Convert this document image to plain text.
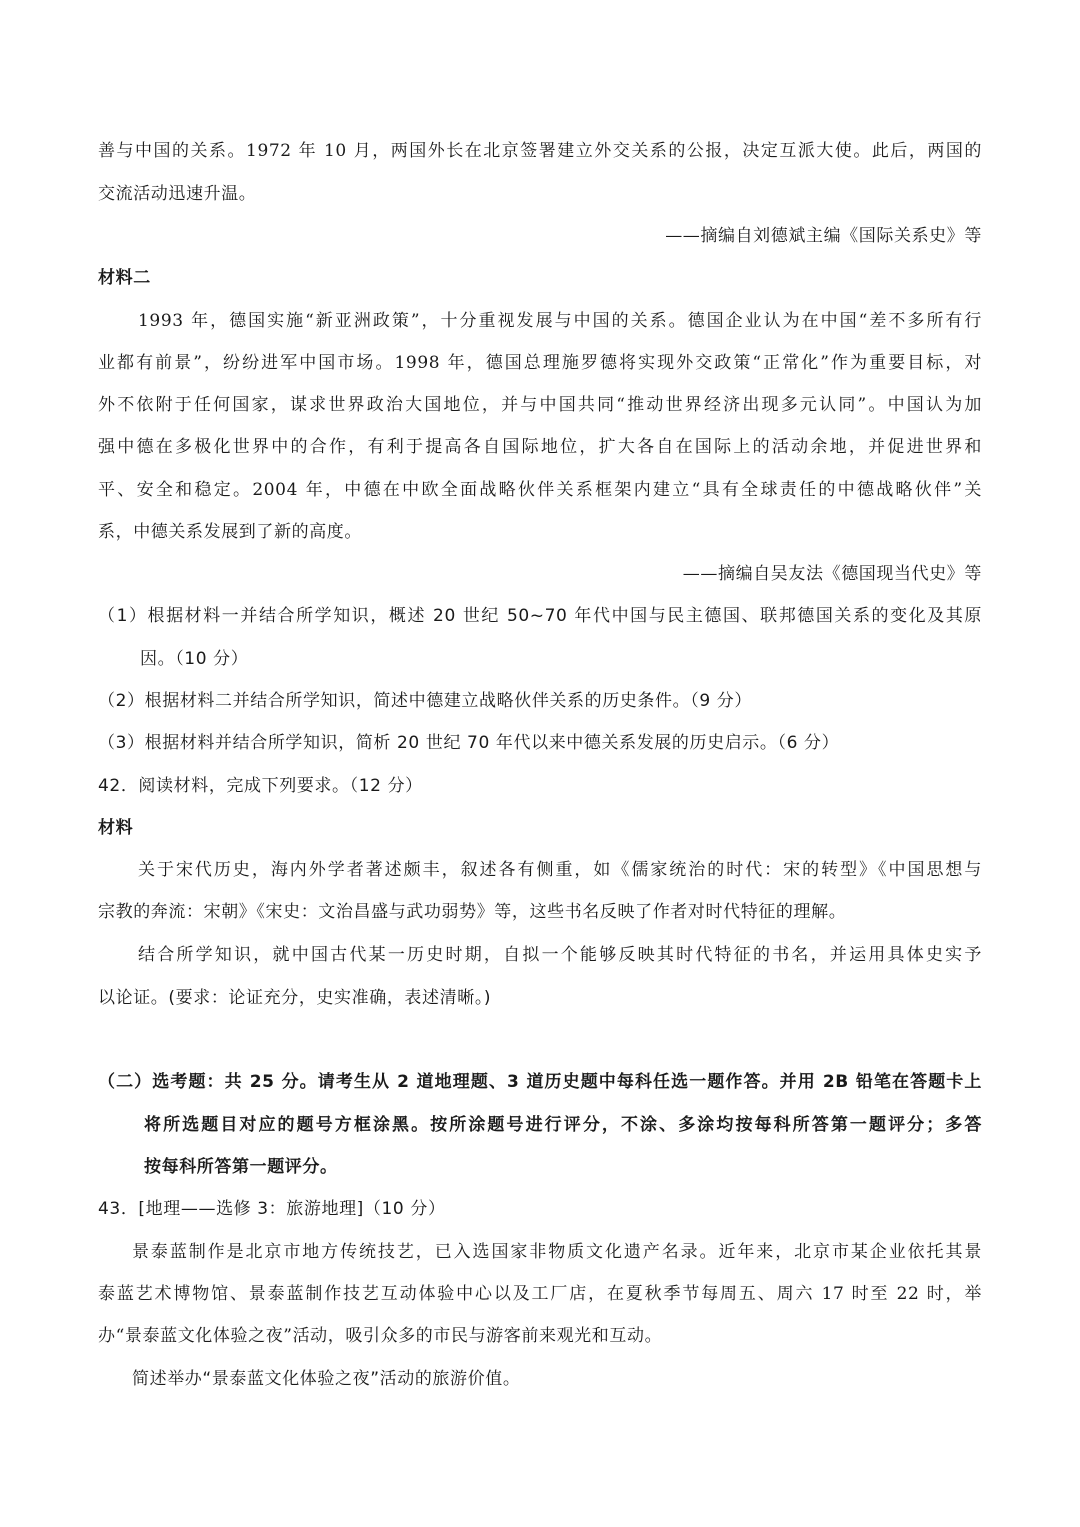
善与中国的关系。1972 年 10 月，两国外长在北京签署建立外交关系的公报，决定互派大使。此后，两国的
交流活动迅速升温。
——摘编自刘德斌主编《国际关系史》等
材料二
1993 年，德国实施“新亚洲政策”，十分重视发展与中国的关系。德国企业认为在中国“差不多所有行
业都有前景”，纷纷进军中国市场。1998 年，德国总理施罗德将实现外交政策“正常化”作为重要目标，对
外不依附于任何国家，谋求世界政治大国地位，并与中国共同“推动世界经济出现多元认同”。中国认为加
强中德在多极化世界中的合作，有利于提高各自国际地位，扩大各自在国际上的活动余地，并促进世界和
平、安全和稳定。2004 年，中德在中欧全面战略伙伴关系框架内建立“具有全球责任的中德战略伙伴”关
系，中德关系发展到了新的高度。
——摘编自吴友法《德国现当代史》等
（1）根据材料一并结合所学知识，概述 20 世纪 50~70 年代中国与民主德国、联邦德国关系的变化及其原
因。（10 分）
（2）根据材料二并结合所学知识，简述中德建立战略伙伴关系的历史条件。（9 分）
（3）根据材料并结合所学知识，简析 20 世纪 70 年代以来中德关系发展的历史启示。（6 分）
42．阅读材料，完成下列要求。（12 分）
材料
关于宋代历史，海内外学者著述颇丰，叙述各有侧重，如《儒家统治的时代：宋的转型》《中国思想与
宗教的奔流：宋朝》《宋史：文治昌盛与武功弱势》等，这些书名反映了作者对时代特征的理解。
结合所学知识，就中国古代某一历史时期，自拟一个能够反映其时代特征的书名，并运用具体史实予
以论证。(要求：论证充分，史实准确，表述清晰。)
（二）选考题：共 25 分。请考生从 2 道地理题、3 道历史题中每科任选一题作答。并用 2B 铅笔在答题卡上
将所选题目对应的题号方框涂黑。按所涂题号进行评分，不涂、多涂均按每科所答第一题评分；多答
按每科所答第一题评分。
43．[地理——选修 3：旅游地理]（10 分）
景泰蓝制作是北京市地方传统技艺，已入选国家非物质文化遗产名录。近年来，北京市某企业依托其景
泰蓝艺术博物馆、景泰蓝制作技艺互动体验中心以及工厂店，在夏秋季节每周五、周六 17 时至 22 时，举
办“景泰蓝文化体验之夜”活动，吸引众多的市民与游客前来观光和互动。
简述举办“景泰蓝文化体验之夜”活动的旅游价值。
